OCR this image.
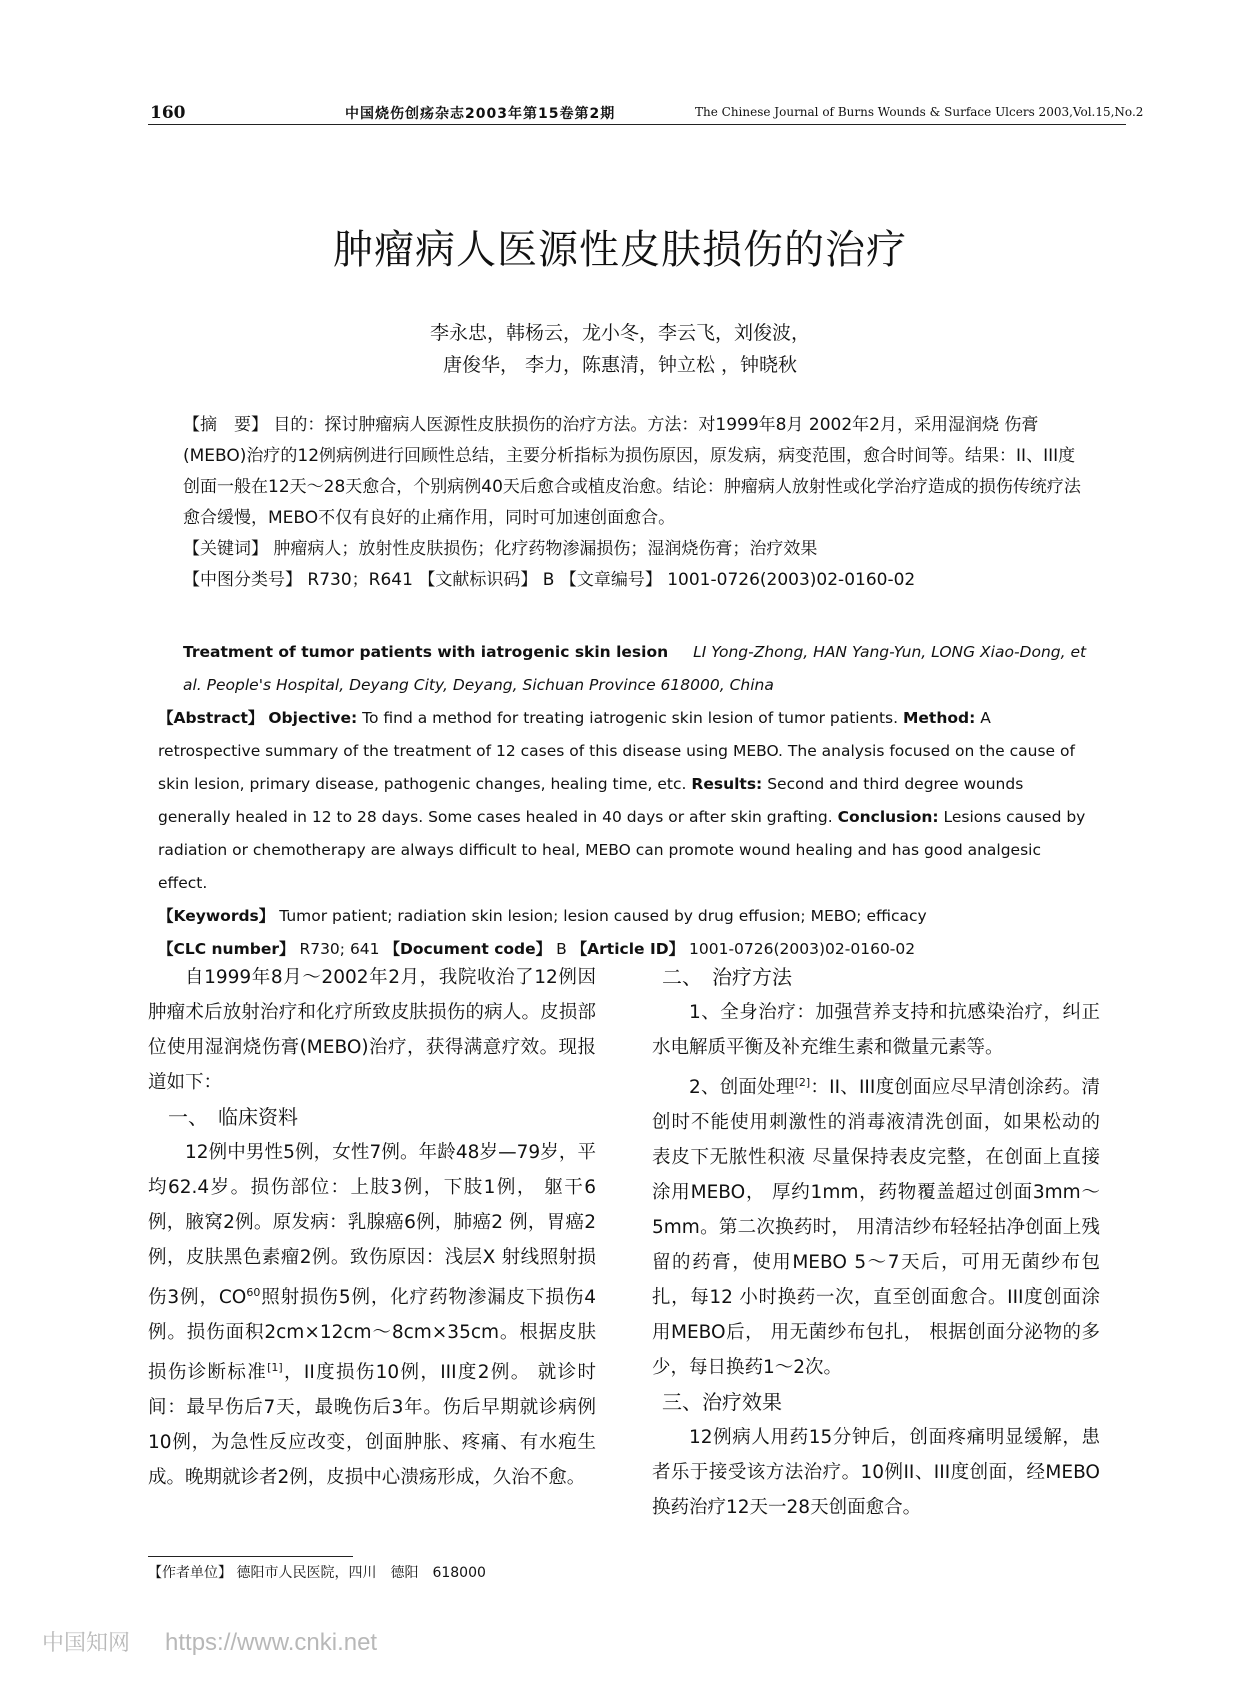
160	中国烧伤创疡杂志2003年第15卷第2期	The Chinese Journal of Burns Wounds & Surface Ulcers 2003,Vol.15,No.2
肿瘤病人医源性皮肤损伤的治疗
李永忠，韩杨云，龙小冬，李云飞，刘俊波，
唐俊华， 李力，陈惠清，钟立松 ，钟晓秋

【摘　要】 目的：探讨肿瘤病人医源性皮肤损伤的治疗方法。方法：对1999年8月 2002年2月，采用湿润烧 伤膏(MEBO)治疗的12例病例进行回顾性总结，主要分析指标为损伤原因，原发病，病变范围，愈合时间等。结果：II、III度创面一般在12天～28天愈合，个别病例40天后愈合或植皮治愈。结论：肿瘤病人放射性或化学治疗造成的损伤传统疗法愈合缓慢，MEBO不仅有良好的止痛作用，同时可加速创面愈合。

【关键词】 肿瘤病人；放射性皮肤损伤；化疗药物渗漏损伤；湿润烧伤膏；治疗效果

【中图分类号】 R730；R641 【文献标识码】 B 【文章编号】 1001-0726(2003)02-0160-02

Treatment of tumor patients with iatrogenic skin lesion LI Yong-Zhong, HAN Yang-Yun, LONG Xiao-Dong, et al. People's Hospital, Deyang City, Deyang, Sichuan Province 618000, China

【Abstract】 Objective: To find a method for treating iatrogenic skin lesion of tumor patients. Method: A retrospective summary of the treatment of 12 cases of this disease using MEBO. The analysis focused on the cause of skin lesion, primary disease, pathogenic changes, healing time, etc. Results: Second and third degree wounds generally healed in 12 to 28 days. Some cases healed in 40 days or after skin grafting. Conclusion: Lesions caused by radiation or chemotherapy are always difficult to heal, MEBO can promote wound healing and has good analgesic effect.

【Keywords】 Tumor patient; radiation skin lesion; lesion caused by drug effusion; MEBO; efficacy

【CLC number】 R730; 641 【Document code】 B 【Article ID】 1001-0726(2003)02-0160-02

自1999年8月～2002年2月，我院收治了12例因肿瘤术后放射治疗和化疗所致皮肤损伤的病人。皮损部位使用湿润烧伤膏(MEBO)治疗，获得满意疗效。现报道如下：

一、　临床资料

12例中男性5例，女性7例。年龄48岁—79岁，平均62.4岁。损伤部位：上肢3例，下肢1例， 躯干6例，腋窝2例。原发病：乳腺癌6例，肺癌2 例，胃癌2例，皮肤黑色素瘤2例。致伤原因：浅层X 射线照射损伤3例，CO$^{60}$照射损伤5例，化疗药物渗漏皮下损伤4例。损伤面积2cm×12cm～8cm×35cm。根据皮肤损伤诊断标准[1]，II度损伤10例，III度2例。 就诊时间：最早伤后7天，最晚伤后3年。伤后早期就诊病例10例，为急性反应改变，创面肿胀、疼痛、有水疱生成。晚期就诊者2例，皮损中心溃疡形成，久治不愈。

二、　治疗方法

1、全身治疗：加强营养支持和抗感染治疗，纠正水电解质平衡及补充维生素和微量元素等。

2、创面处理[2]：II、III度创面应尽早清创涂药。清创时不能使用刺激性的消毒液清洗创面，如果松动的 表皮下无脓性积液 尽量保持表皮完整，在创面上直接涂用MEBO， 厚约1mm，药物覆盖超过创面3mm～5mm。第二次换药时， 用清洁纱布轻轻拈净创面上残留的药膏，使用MEBO 5～7天后，可用无菌纱布包扎，每12 小时换药一次，直至创面愈合。III度创面涂用MEBO后， 用无菌纱布包扎， 根据创面分泌物的多少，每日换药1～2次。

三、治疗效果

12例病人用药15分钟后，创面疼痛明显缓解，患者乐于接受该方法治疗。10例II、III度创面，经MEBO 换药治疗12天一28天创面愈合。

【作者单位】 德阳市人民医院，四川　德阳　618000
中国知网 https://www.cnki.net
